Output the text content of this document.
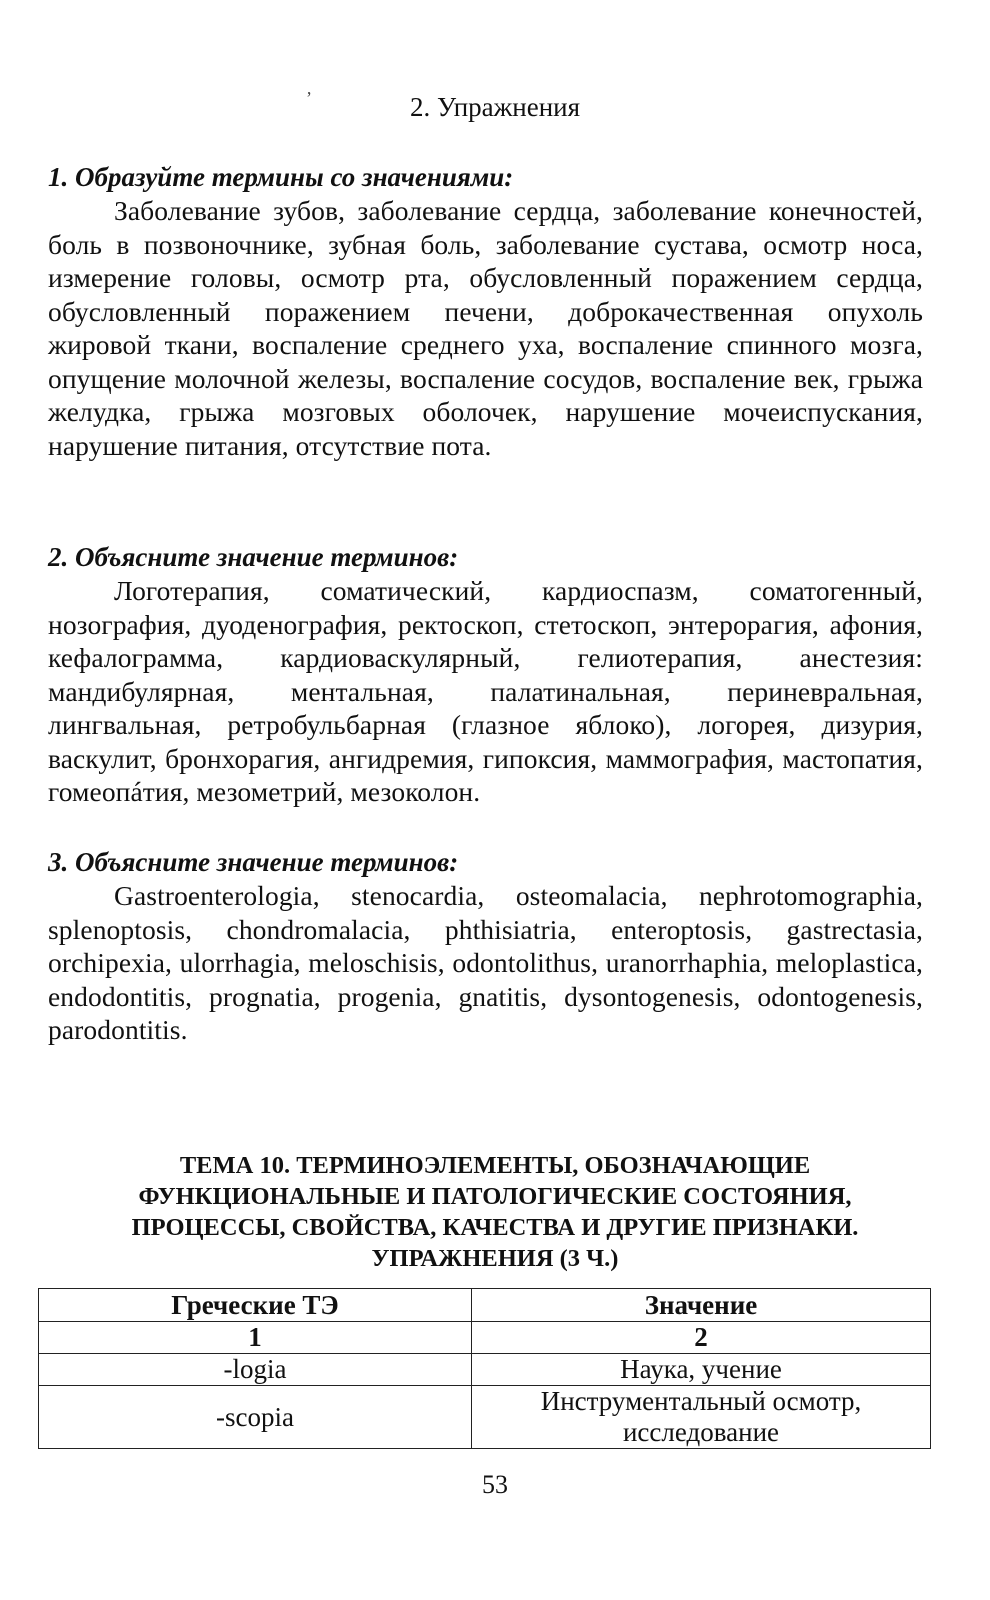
’	2. Упражнения

1. Образуйте термины со значениями:

Заболевание зубов, заболевание сердца, заболевание конечностей, боль в позвоночнике, зубная боль, заболевание сустава, осмотр носа, измерение головы, осмотр рта, обусловленный поражением сердца, обусловленный поражением печени, доброкачественная опухоль жировой ткани, воспаление среднего уха, воспаление спинного мозга, опущение молочной железы, воспаление сосудов, воспаление век, грыжа желудка, грыжа мозговых оболочек, нарушение мочеиспускания, нарушение питания, отсутствие пота.

2. Объясните значение терминов:

Логотерапия, соматический, кардиоспазм, соматогенный, нозография, дуоденография, ректоскоп, стетоскоп, энтерорагия, афония, кефалограмма, кардиоваскулярный, гелиотерапия, анестезия: мандибулярная, ментальная, палатинальная, периневральная, лингвальная, ретробульбарная (глазное яблоко), логорея, дизурия, васкулит, бронхорагия, ангидремия, гипоксия, маммография, мастопатия, гомеопáтия, мезометрий, мезоколон.

3. Объясните значение терминов:

Gastroenterologia, stenocardia, osteomalacia, nephrotomographia, splenoptosis, chondromalacia, phthisiatria, enteroptosis, gastrectasia, orchipexia, ulorrhagia, meloschisis, odontolithus, uranorrhaphia, meloplastica, endodontitis, prognatia, progenia, gnatitis, dysontogenesis, odontogenesis, parodontitis.

ТЕМА 10. ТЕРМИНОЭЛЕМЕНТЫ, ОБОЗНАЧАЮЩИЕ
ФУНКЦИОНАЛЬНЫЕ И ПАТОЛОГИЧЕСКИЕ СОСТОЯНИЯ,
ПРОЦЕССЫ, СВОЙСТВА, КАЧЕСТВА И ДРУГИЕ ПРИЗНАКИ.
УПРАЖНЕНИЯ (3 Ч.)
Греческие ТЭ	Значение
1	2
-logia	Наука, учение
-scopia	Инструментальный осмотр, исследование
53
